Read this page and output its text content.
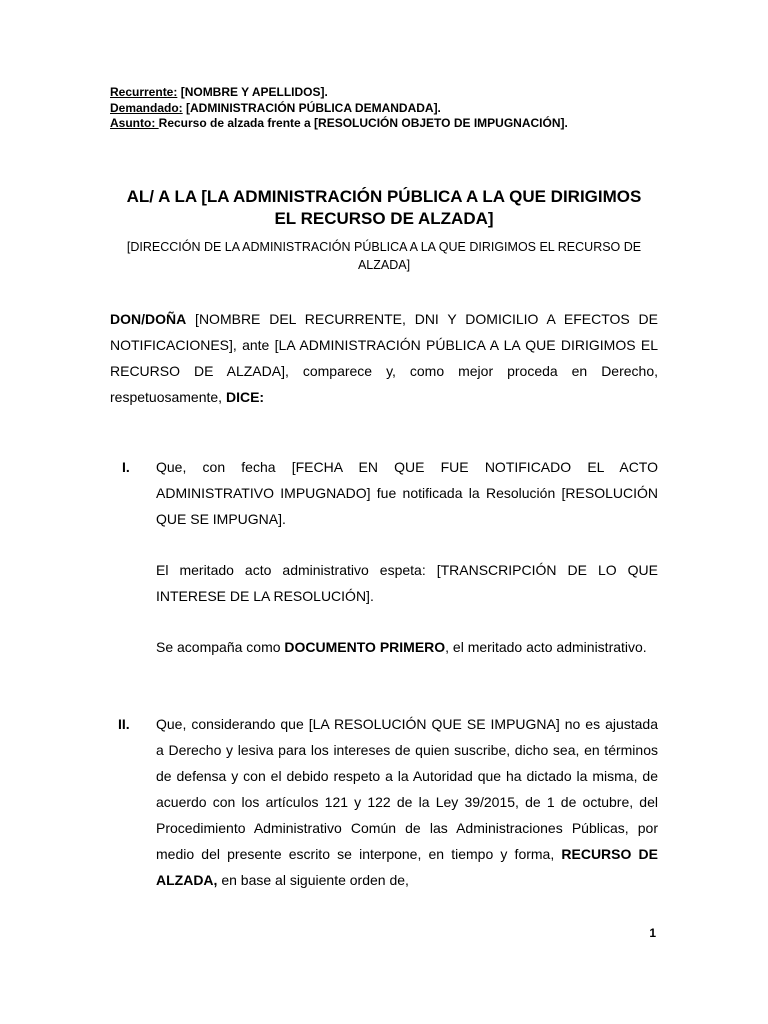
Recurrente: [NOMBRE Y APELLIDOS].
Demandado: [ADMINISTRACIÓN PÚBLICA DEMANDADA].
Asunto: Recurso de alzada frente a [RESOLUCIÓN OBJETO DE IMPUGNACIÓN].
AL/ A LA [LA ADMINISTRACIÓN PÚBLICA A LA QUE DIRIGIMOS
EL RECURSO DE ALZADA]
[DIRECCIÓN DE LA ADMINISTRACIÓN PÚBLICA A LA QUE DIRIGIMOS EL RECURSO DE ALZADA]
DON/DOÑA [NOMBRE DEL RECURRENTE, DNI Y DOMICILIO A EFECTOS DE NOTIFICACIONES], ante [LA ADMINISTRACIÓN PÚBLICA A LA QUE DIRIGIMOS EL RECURSO DE ALZADA], comparece y, como mejor proceda en Derecho, respetuosamente, DICE:
I. Que, con fecha [FECHA EN QUE FUE NOTIFICADO EL ACTO ADMINISTRATIVO IMPUGNADO] fue notificada la Resolución [RESOLUCIÓN QUE SE IMPUGNA].
El meritado acto administrativo espeta: [TRANSCRIPCIÓN DE LO QUE INTERESE DE LA RESOLUCIÓN].
Se acompaña como DOCUMENTO PRIMERO, el meritado acto administrativo.
II. Que, considerando que [LA RESOLUCIÓN QUE SE IMPUGNA] no es ajustada a Derecho y lesiva para los intereses de quien suscribe, dicho sea, en términos de defensa y con el debido respeto a la Autoridad que ha dictado la misma, de acuerdo con los artículos 121 y 122 de la Ley 39/2015, de 1 de octubre, del Procedimiento Administrativo Común de las Administraciones Públicas, por medio del presente escrito se interpone, en tiempo y forma, RECURSO DE ALZADA, en base al siguiente orden de,
1
